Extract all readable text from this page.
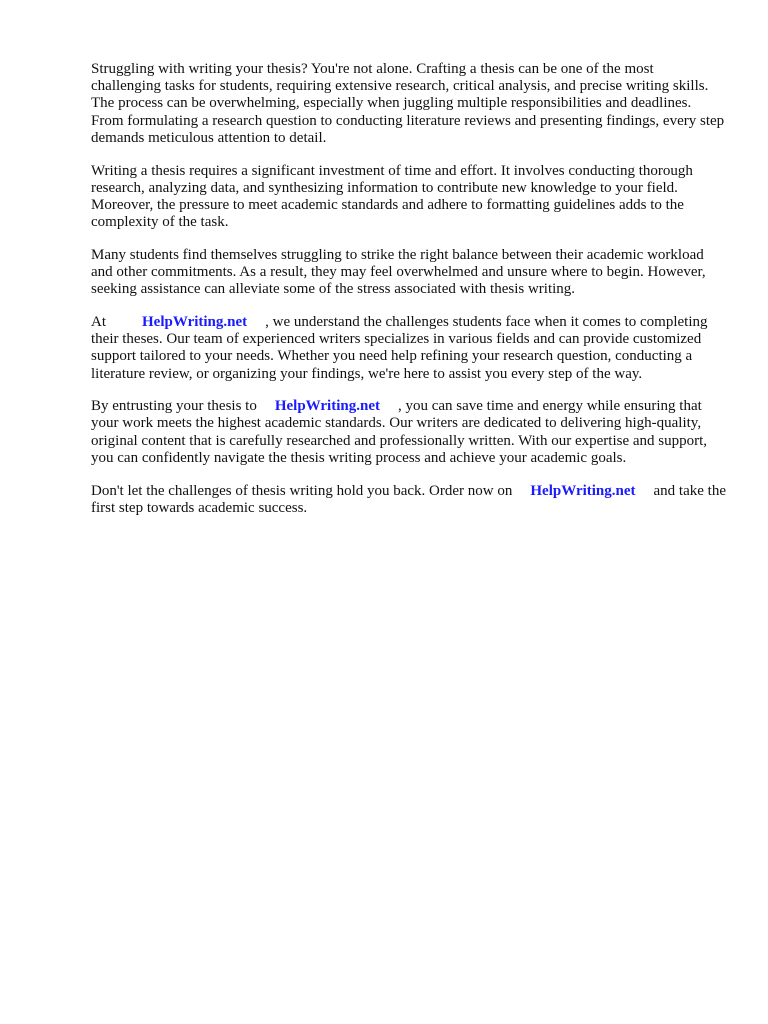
Struggling with writing your thesis? You're not alone. Crafting a thesis can be one of the most challenging tasks for students, requiring extensive research, critical analysis, and precise writing skills. The process can be overwhelming, especially when juggling multiple responsibilities and deadlines. From formulating a research question to conducting literature reviews and presenting findings, every step demands meticulous attention to detail.

Writing a thesis requires a significant investment of time and effort. It involves conducting thorough research, analyzing data, and synthesizing information to contribute new knowledge to your field. Moreover, the pressure to meet academic standards and adhere to formatting guidelines adds to the complexity of the task.

Many students find themselves struggling to strike the right balance between their academic workload and other commitments. As a result, they may feel overwhelmed and unsure where to begin. However, seeking assistance can alleviate some of the stress associated with thesis writing.

At HelpWriting.net , we understand the challenges students face when it comes to completing their theses. Our team of experienced writers specializes in various fields and can provide customized support tailored to your needs. Whether you need help refining your research question, conducting a literature review, or organizing your findings, we're here to assist you every step of the way.

By entrusting your thesis to HelpWriting.net , you can save time and energy while ensuring that your work meets the highest academic standards. Our writers are dedicated to delivering high-quality, original content that is carefully researched and professionally written. With our expertise and support, you can confidently navigate the thesis writing process and achieve your academic goals.

Don't let the challenges of thesis writing hold you back. Order now on HelpWriting.net and take the first step towards academic success.
